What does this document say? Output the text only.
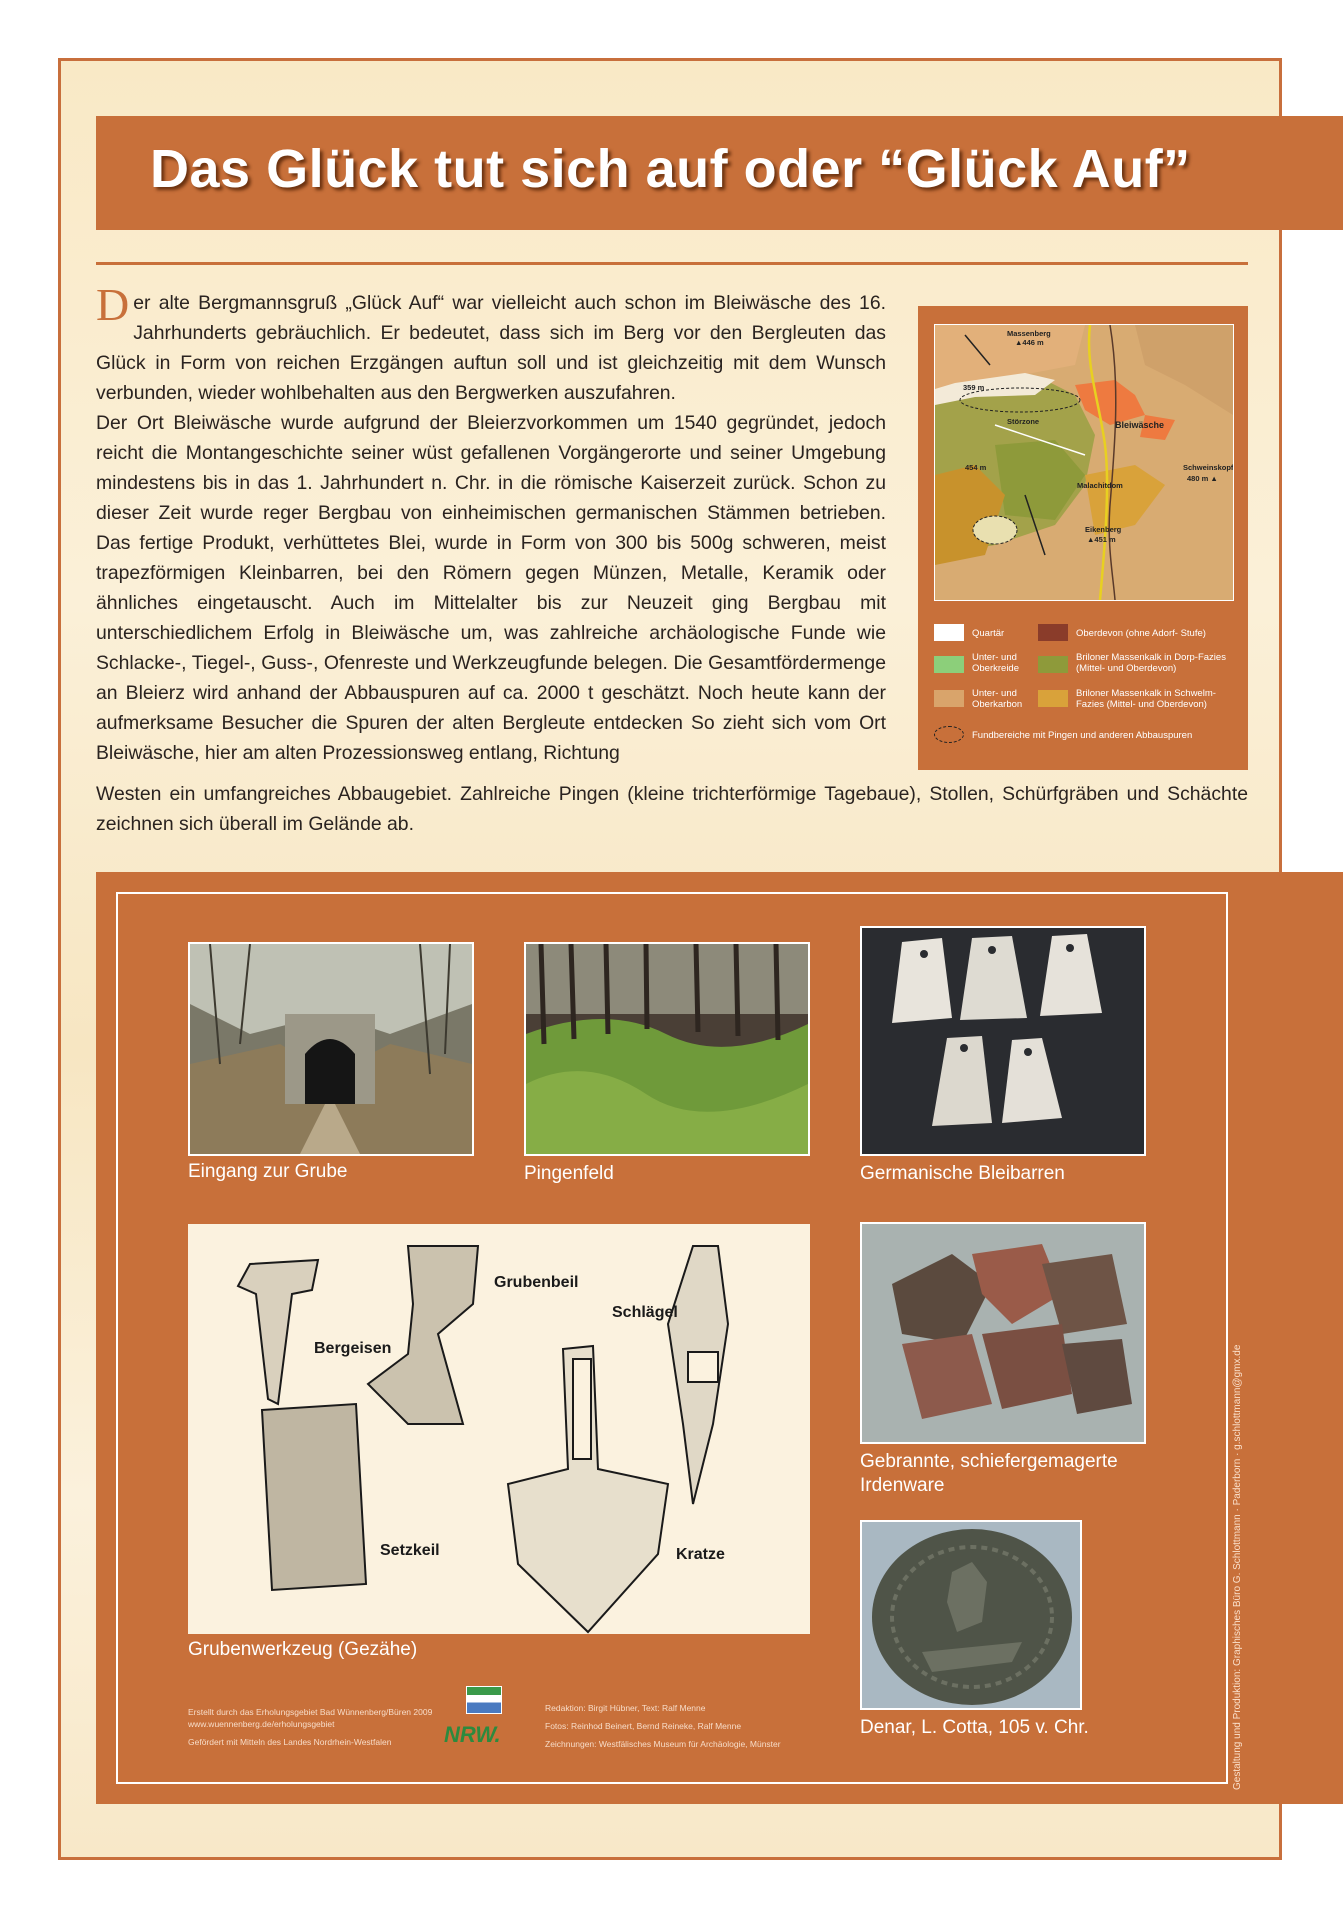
Das Glück tut sich auf oder “Glück Auf”

Der alte Bergmannsgruß „Glück Auf“ war vielleicht auch schon im Bleiwäsche des 16. Jahrhunderts gebräuchlich. Er bedeutet, dass sich im Berg vor den Bergleuten das Glück in Form von reichen Erzgängen auftun soll und ist gleichzeitig mit dem Wunsch verbunden, wieder wohlbehalten aus den Bergwerken auszufahren.

Der Ort Bleiwäsche wurde aufgrund der Bleierzvorkommen um 1540 gegründet, jedoch reicht die Montangeschichte seiner wüst gefallenen Vorgängerorte und seiner Umgebung mindestens bis in das 1. Jahrhundert n. Chr. in die römische Kaiserzeit zurück. Schon zu dieser Zeit wurde reger Bergbau von einheimischen germanischen Stämmen betrieben. Das fertige Produkt, verhüttetes Blei, wurde in Form von 300 bis 500g schweren, meist trapezförmigen Kleinbarren, bei den Römern gegen Münzen, Metalle, Keramik oder ähnliches eingetauscht. Auch im Mittelalter bis zur Neuzeit ging Bergbau mit unterschiedlichem Erfolg in Bleiwäsche um, was zahlreiche archäologische Funde wie Schlacke-, Tiegel-, Guss-, Ofenreste und Werkzeugfunde belegen. Die Gesamtfördermenge an Bleierz wird anhand der Abbauspuren auf ca. 2000 t geschätzt. Noch heute kann der aufmerksame Besucher die Spuren der alten Bergleute entdecken So zieht sich vom Ort Bleiwäsche, hier am alten Prozessionsweg entlang, Richtung

Westen ein umfangreiches Abbaugebiet. Zahlreiche Pingen (kleine trichterförmige Tagebaue), Stollen, Schürfgräben und Schächte zeichnen sich überall im Gelände ab.

Massenberg
▲446 m
359 m
Störzone	Bleiwäsche
454 m
Malachitdom
Schweinskopf
480 m ▲
Eikenberg
▲451 m
Quartär	Oberdevon (ohne Adorf- Stufe)
Unter- und Oberkreide
Briloner Massenkalk in Dorp-Fazies (Mittel- und Oberdevon)
Unter- und Oberkarbon
Briloner Massenkalk in Schwelm-Fazies (Mittel- und Oberdevon)
Fundbereiche mit Pingen und anderen Abbauspuren
Eingang zur Grube	Pingenfeld	Germanische Bleibarren
Bergeisen
Grubenbeil
Schlägel
Setzkeil	Kratze
Grubenwerkzeug (Gezähe)
Gebrannte, schiefergemagerte Irdenware
Denar, L. Cotta, 105 v. Chr.
Erstellt durch das Erholungsgebiet Bad Wünnenberg/Büren 2009
www.wuennenberg.de/erholungsgebiet
Gefördert mit Mitteln des Landes Nordrhein-Westfalen NRW.
Redaktion: Birgit Hübner, Text: Ralf Menne
Fotos: Reinhod Beinert, Bernd Reineke, Ralf Menne
Zeichnungen: Westfälisches Museum für Archäologie, Münster	Gestaltung und Produktion: Graphisches Büro G. Schlottmann · Paderborn · g.schlottmann@gmx.de
